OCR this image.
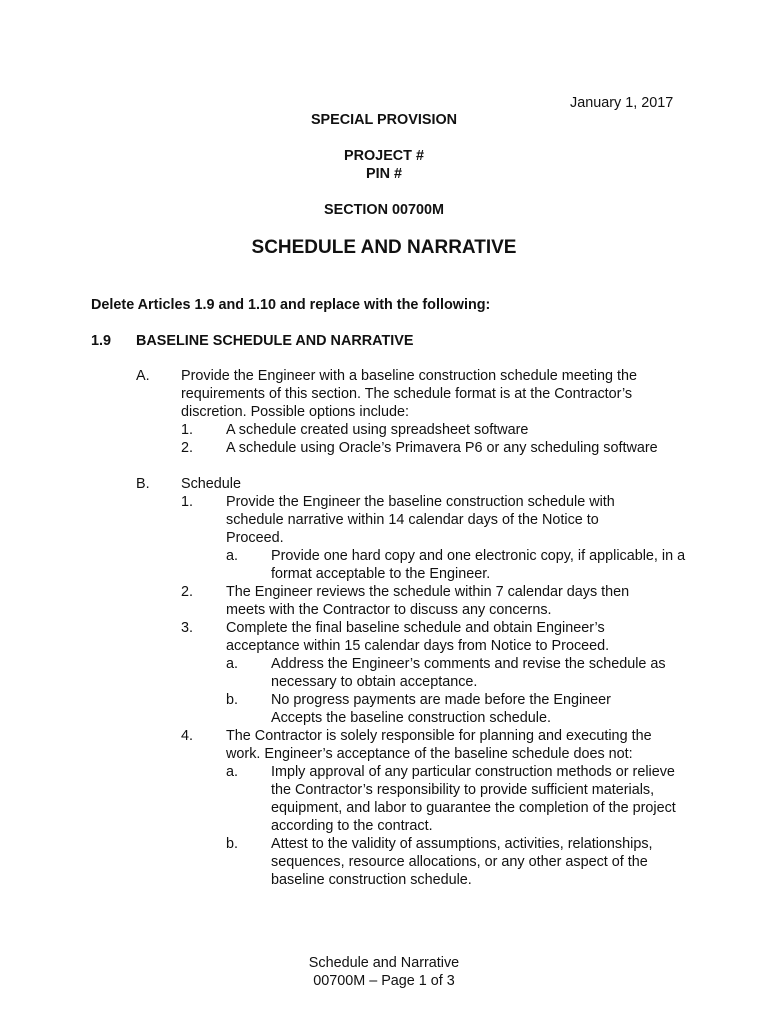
January 1, 2017
SPECIAL PROVISION
PROJECT #
PIN #
SECTION 00700M
SCHEDULE AND NARRATIVE
Delete Articles 1.9 and 1.10 and replace with the following:
1.9 BASELINE SCHEDULE AND NARRATIVE
A. Provide the Engineer with a baseline construction schedule meeting the requirements of this section. The schedule format is at the Contractor’s discretion. Possible options include:
1. A schedule created using spreadsheet software
2. A schedule using Oracle’s Primavera P6 or any scheduling software
B. Schedule
1. Provide the Engineer the baseline construction schedule with schedule narrative within 14 calendar days of the Notice to Proceed.
a. Provide one hard copy and one electronic copy, if applicable, in a format acceptable to the Engineer.
2. The Engineer reviews the schedule within 7 calendar days then meets with the Contractor to discuss any concerns.
3. Complete the final baseline schedule and obtain Engineer’s acceptance within 15 calendar days from Notice to Proceed.
a. Address the Engineer’s comments and revise the schedule as necessary to obtain acceptance.
b. No progress payments are made before the Engineer Accepts the baseline construction schedule.
4. The Contractor is solely responsible for planning and executing the work. Engineer’s acceptance of the baseline schedule does not:
a. Imply approval of any particular construction methods or relieve the Contractor’s responsibility to provide sufficient materials, equipment, and labor to guarantee the completion of the project according to the contract.
b. Attest to the validity of assumptions, activities, relationships, sequences, resource allocations, or any other aspect of the baseline construction schedule.
Schedule and Narrative
00700M – Page 1 of 3
